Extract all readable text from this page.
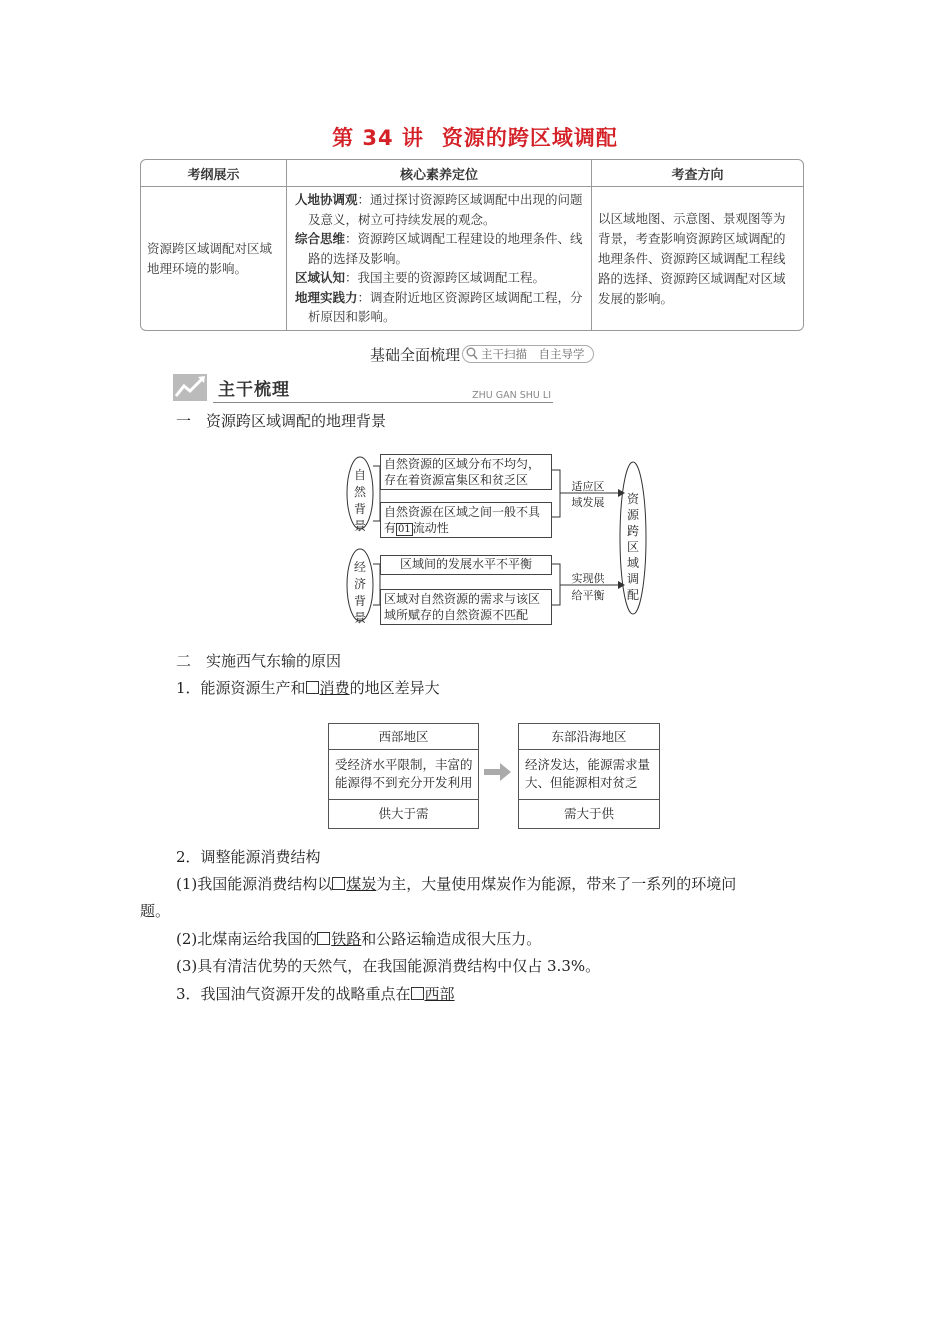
第 34 讲 资源的跨区域调配
考纲展示	核心素养定位	考查方向
资源跨区域调配对区域地理环境的影响。	人地协调观：通过探讨资源跨区域调配中出现的问题及意义，树立可持续发展的观念。
综合思维：资源跨区域调配工程建设的地理条件、线路的选择及影响。
区域认知：我国主要的资源跨区域调配工程。
地理实践力：调查附近地区资源跨区域调配工程，分析原因和影响。	以区域地图、示意图、景观图等为背景，考查影响资源跨区域调配的地理条件、资源跨区域调配工程线路的选择、资源跨区域调配对区域发展的影响。
基础全面梳理 主干扫描　自主导学
主干梳理	ZHU GAN SHU LI
一　资源跨区域调配的地理背景
自然背景
经济背景
资源跨区域调配
自然资源的区域分布不均匀，存在着资源富集区和贫乏区
自然资源在区域之间一般不具有 01 流动性
区域间的发展水平不平衡
区域对自然资源的需求与该区域所赋存的自然资源不匹配
适应区
域发展
实现供
给平衡
二　实施西气东输的原因
1．能源资源生产和 消费的地区差异大
西部地区
受经济水平限制，丰富的能源得不到充分开发利用
供大于需
东部沿海地区
经济发达，能源需求量大、但能源相对贫乏
需大于供
2．调整能源消费结构
(1)我国能源消费结构以 煤炭为主，大量使用煤炭作为能源，带来了一系列的环境问
题。
(2)北煤南运给我国的 铁路和公路运输造成很大压力。
(3)具有清洁优势的天然气，在我国能源消费结构中仅占 3.3%。
3．我国油气资源开发的战略重点在 西部
